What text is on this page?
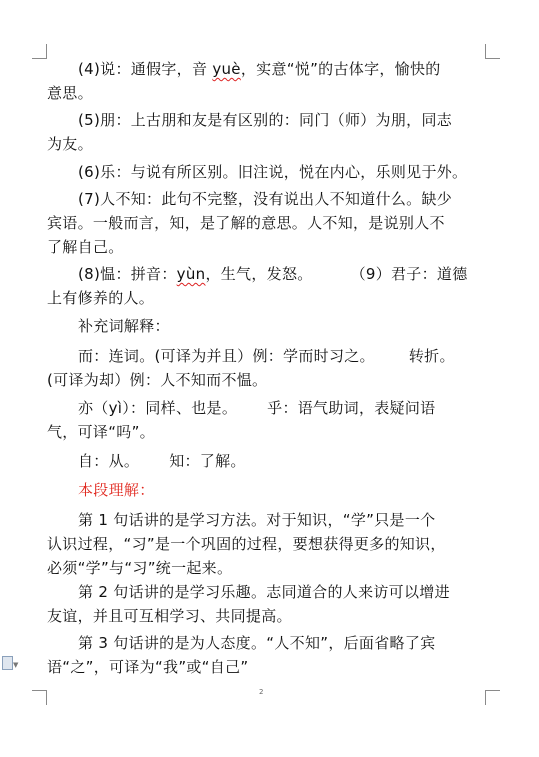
(4)说：通假字，音 yuè，实意“悦”的古体字，愉快的
意思。
(5)朋：上古朋和友是有区别的：同门（师）为朋，同志
为友。
(6)乐：与说有所区别。旧注说，悦在内心，乐则见于外。
(7)人不知：此句不完整，没有说出人不知道什么。缺少
宾语。一般而言，知，是了解的意思。人不知，是说别人不
了解自己。
(8)愠：拼音：yùn，生气，发怒。	（9）君子：道德
上有修养的人。
补充词解释：
而：连词。(可译为并且）例：学而时习之。 转折。
(可译为却）例：人不知而不愠。
亦（yì）：同样、也是。 乎：语气助词，表疑问语
气，可译“吗”。
自：从。 知：了解。
本段理解：
第 1 句话讲的是学习方法。对于知识，“学”只是一个
认识过程，“习”是一个巩固的过程，要想获得更多的知识，
必须“学”与“习”统一起来。
第 2 句话讲的是学习乐趣。志同道合的人来访可以增进
友谊，并且可互相学习、共同提高。
第 3 句话讲的是为人态度。“人不知”，后面省略了宾
语“之”，可译为“我”或“自己”
2
▼
